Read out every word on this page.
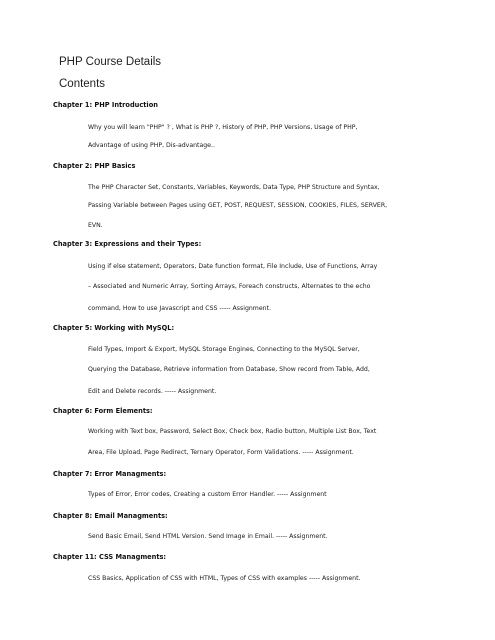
PHP Course Details
Contents
Chapter 1: PHP Introduction
Why you will learn "PHP" ? , What is PHP ?, History of PHP, PHP Versions, Usage of PHP,
Advantage of using PHP, Dis-advantage..
Chapter 2: PHP Basics
The PHP Character Set, Constants, Variables, Keywords, Data Type, PHP Structure and Syntax,
Passing Variable between Pages using GET, POST, REQUEST, SESSION, COOKIES, FILES, SERVER,
EVN.
Chapter 3: Expressions and their Types:
Using if else statement, Operators, Date function format, File Include, Use of Functions, Array
– Associated and Numeric Array, Sorting Arrays, Foreach constructs, Alternates to the echo
command, How to use Javascript and CSS ----- Assignment.
Chapter 5: Working with MySQL:
Field Types, Import & Export, MySQL Storage Engines, Connecting to the MySQL Server,
Querying the Database, Retrieve information from Database, Show record from Table, Add,
Edit and Delete records. ----- Assignment.
Chapter 6: Form Elements:
Working with Text box, Password, Select Box, Check box, Radio button, Multiple List Box, Text
Area, File Upload, Page Redirect, Ternary Operator, Form Validations. ----- Assignment.
Chapter 7: Error Managments:
Types of Error, Error codes, Creating a custom Error Handler. ----- Assignment
Chapter 8: Email Managments:
Send Basic Email, Send HTML Version. Send Image in Email. ----- Assignment.
Chapter 11: CSS Managments:
CSS Basics, Application of CSS with HTML, Types of CSS with examples ----- Assignment.
